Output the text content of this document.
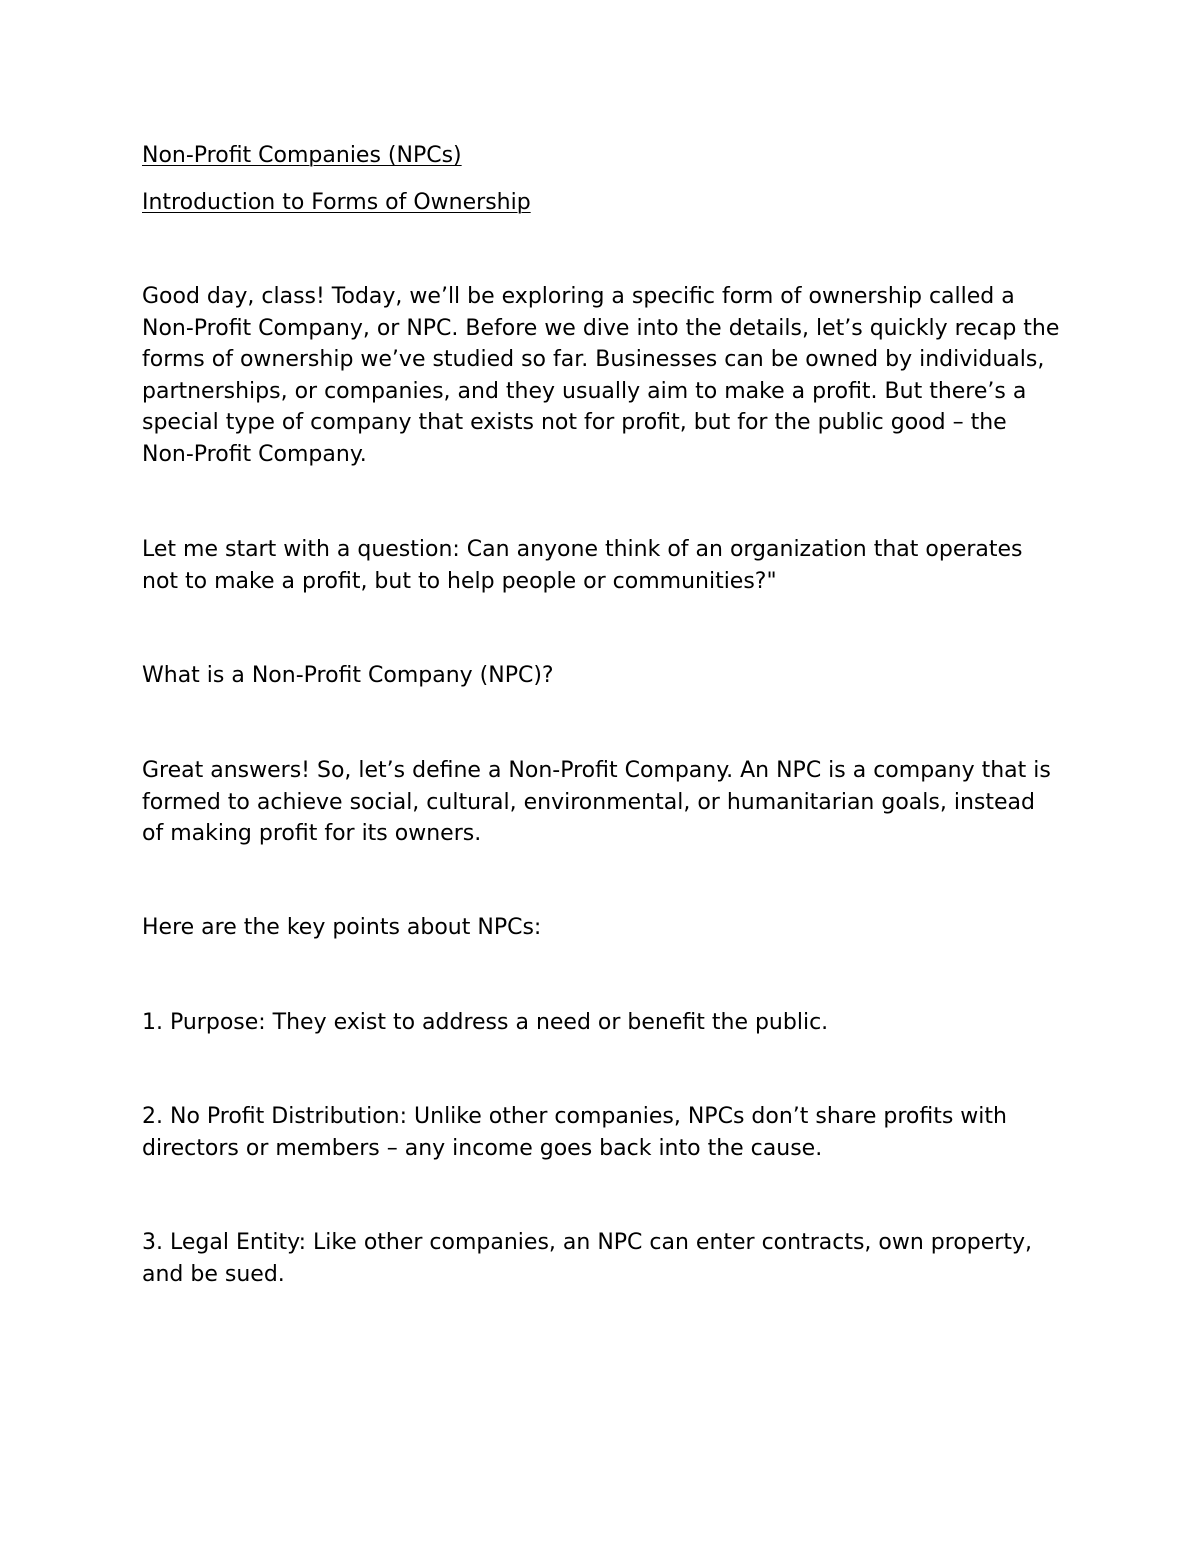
Non-Profit Companies (NPCs)

Introduction to Forms of Ownership

Good day, class! Today, we’ll be exploring a specific form of ownership called a Non-Profit Company, or NPC. Before we dive into the details, let’s quickly recap the forms of ownership we’ve studied so far. Businesses can be owned by individuals, partnerships, or companies, and they usually aim to make a profit. But there’s a special type of company that exists not for profit, but for the public good – the Non-Profit Company.

Let me start with a question: Can anyone think of an organization that operates not to make a profit, but to help people or communities?"

What is a Non-Profit Company (NPC)?

Great answers! So, let’s define a Non-Profit Company. An NPC is a company that is formed to achieve social, cultural, environmental, or humanitarian goals, instead of making profit for its owners.

Here are the key points about NPCs:

1. Purpose: They exist to address a need or benefit the public.

2. No Profit Distribution: Unlike other companies, NPCs don’t share profits with directors or members – any income goes back into the cause.

3. Legal Entity: Like other companies, an NPC can enter contracts, own property, and be sued.
